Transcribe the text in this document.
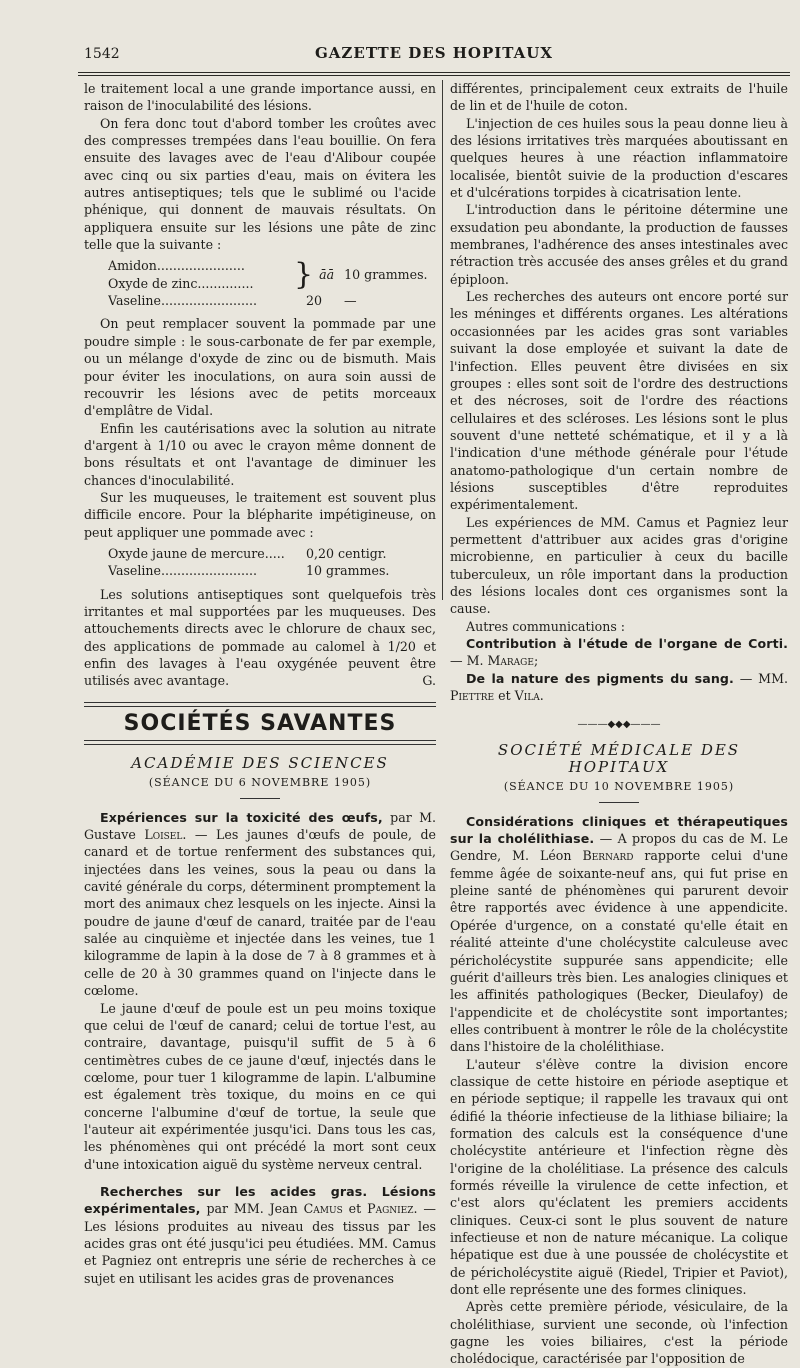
1542	GAZETTE DES HOPITAUX

le traitement local a une grande importance aussi, en raison de l'inoculabilité des lésions.

On fera donc tout d'abord tomber les croûtes avec des compresses trempées dans l'eau bouillie. On fera ensuite des lavages avec de l'eau d'Alibour coupée avec cinq ou six parties d'eau, mais on évitera les autres antiseptiques; tels que le sublimé ou l'acide phénique, qui donnent de mauvais résultats. On appliquera ensuite sur les lésions une pâte de zinc telle que la suivante :

Amidon......................
Oxyde de zinc..............	} āā 10 grammes.
Vaseline........................	20 —

On peut remplacer souvent la pommade par une poudre simple : le sous-carbonate de fer par exemple, ou un mélange d'oxyde de zinc ou de bismuth. Mais pour éviter les inoculations, on aura soin aussi de recouvrir les lésions avec de petits morceaux d'emplâtre de Vidal.

Enfin les cautérisations avec la solution au nitrate d'argent à 1/10 ou avec le crayon même donnent de bons résultats et ont l'avantage de diminuer les chances d'inoculabilité.

Sur les muqueuses, le traitement est souvent plus difficile encore. Pour la blépharite impétigineuse, on peut appliquer une pommade avec :

Oxyde jaune de mercure.....	0,20 centigr.
Vaseline........................	10 grammes.

Les solutions antiseptiques sont quelquefois très irritantes et mal supportées par les muqueuses. Des attouchements directs avec le chlorure de chaux sec, des applications de pommade au calomel à 1/20 et enfin des lavages à l'eau oxygénée peuvent être utilisés avec avantage.	G.

SOCIÉTÉS SAVANTES
ACADÉMIE DES SCIENCES
(SÉANCE DU 6 NOVEMBRE 1905)

Expériences sur la toxicité des œufs, par M. Gustave Loisel. — Les jaunes d'œufs de poule, de canard et de tortue renferment des substances qui, injectées dans les veines, sous la peau ou dans la cavité générale du corps, déterminent promptement la mort des animaux chez lesquels on les injecte. Ainsi la poudre de jaune d'œuf de canard, traitée par de l'eau salée au cinquième et injectée dans les veines, tue 1 kilogramme de lapin à la dose de 7 à 8 grammes et à celle de 20 à 30 grammes quand on l'injecte dans le cœlome.

Le jaune d'œuf de poule est un peu moins toxique que celui de l'œuf de canard; celui de tortue l'est, au contraire, davantage, puisqu'il suffit de 5 à 6 centimètres cubes de ce jaune d'œuf, injectés dans le cœlome, pour tuer 1 kilogramme de lapin. L'albumine est également très toxique, du moins en ce qui concerne l'albumine d'œuf de tortue, la seule que l'auteur ait expérimentée jusqu'ici. Dans tous les cas, les phénomènes qui ont précédé la mort sont ceux d'une intoxication aiguë du système nerveux central.

Recherches sur les acides gras. Lésions expérimentales, par MM. Jean Camus et Pagniez. — Les lésions produites au niveau des tissus par les acides gras ont été jusqu'ici peu étudiées. MM. Camus et Pagniez ont entrepris une série de recherches à ce sujet en utilisant les acides gras de provenances

différentes, principalement ceux extraits de l'huile de lin et de l'huile de coton.

L'injection de ces huiles sous la peau donne lieu à des lésions irritatives très marquées aboutissant en quelques heures à une réaction inflammatoire localisée, bientôt suivie de la production d'escares et d'ulcérations torpides à cicatrisation lente.

L'introduction dans le péritoine détermine une exsudation peu abondante, la production de fausses membranes, l'adhérence des anses intestinales avec rétraction très accusée des anses grêles et du grand épiploon.

Les recherches des auteurs ont encore porté sur les méninges et différents organes. Les altérations occasionnées par les acides gras sont variables suivant la dose employée et suivant la date de l'infection. Elles peuvent être divisées en six groupes : elles sont soit de l'ordre des destructions et des nécroses, soit de l'ordre des réactions cellulaires et des scléroses. Les lésions sont le plus souvent d'une netteté schématique, et il y a là l'indication d'une méthode générale pour l'étude anatomo-pathologique d'un certain nombre de lésions susceptibles d'être reproduites expérimentalement.

Les expériences de MM. Camus et Pagniez leur permettent d'attribuer aux acides gras d'origine microbienne, en particulier à ceux du bacille tuberculeux, un rôle important dans la production des lésions locales dont ces organismes sont la cause.

Autres communications :

Contribution à l'étude de l'organe de Corti. — M. Marage;

De la nature des pigments du sang. — MM. Piettre et Vila.

———◆◆◆———
SOCIÉTÉ MÉDICALE DES HOPITAUX
(SÉANCE DU 10 NOVEMBRE 1905)

Considérations cliniques et thérapeutiques sur la cholélithiase. — A propos du cas de M. Le Gendre, M. Léon Bernard rapporte celui d'une femme âgée de soixante-neuf ans, qui fut prise en pleine santé de phénomènes qui parurent devoir être rapportés avec évidence à une appendicite. Opérée d'urgence, on a constaté qu'elle était en réalité atteinte d'une cholécystite calculeuse avec péricholécystite suppurée sans appendicite; elle guérit d'ailleurs très bien. Les analogies cliniques et les affinités pathologiques (Becker, Dieulafoy) de l'appendicite et de cholécystite sont importantes; elles contribuent à montrer le rôle de la cholécystite dans l'histoire de la cholélithiase.

L'auteur s'élève contre la division encore classique de cette histoire en période aseptique et en période septique; il rappelle les travaux qui ont édifié la théorie infectieuse de la lithiase biliaire; la formation des calculs est la conséquence d'une cholécystite antérieure et l'infection règne dès l'origine de la cholélitiase. La présence des calculs formés réveille la virulence de cette infection, et c'est alors qu'éclatent les premiers accidents cliniques. Ceux-ci sont le plus souvent de nature infectieuse et non de nature mécanique. La colique hépatique est due à une poussée de cholécystite et de péricholécystite aiguë (Riedel, Tripier et Paviot), dont elle représente une des formes cliniques.

Après cette première période, vésiculaire, de la cholélithiase, survient une seconde, où l'infection gagne les voies biliaires, c'est la période cholédocique, caractérisée par l'opposition de
